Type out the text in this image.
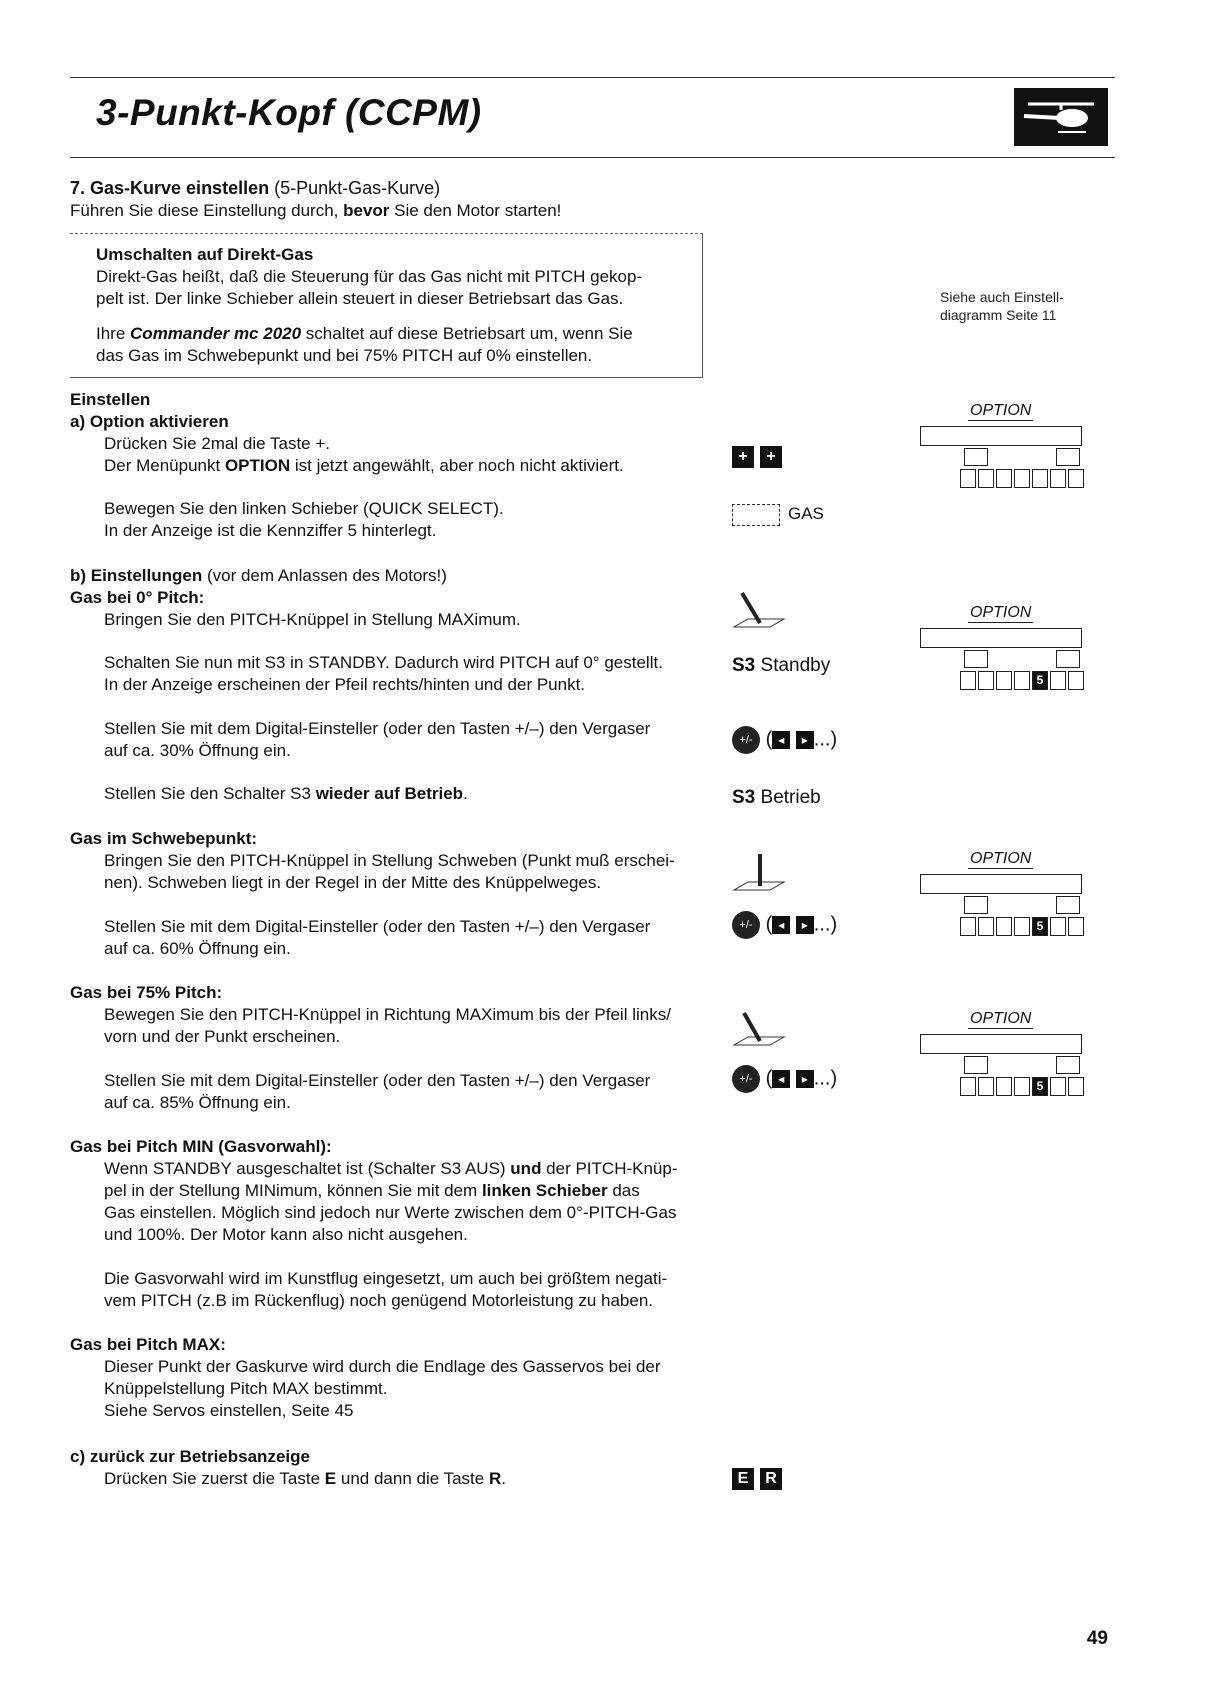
3-Punkt-Kopf (CCPM)
7. Gas-Kurve einstellen (5-Punkt-Gas-Kurve)
Führen Sie diese Einstellung durch, bevor Sie den Motor starten!
Umschalten auf Direkt-Gas
Direkt-Gas heißt, daß die Steuerung für das Gas nicht mit PITCH gekop-
pelt ist. Der linke Schieber allein steuert in dieser Betriebsart das Gas.
Ihre Commander mc 2020 schaltet auf diese Betriebsart um, wenn Sie
das Gas im Schwebepunkt und bei 75% PITCH auf 0% einstellen.
Siehe auch Einstell-
diagramm Seite 11
Einstellen
a) Option aktivieren
Drücken Sie 2mal die Taste +.
Der Menüpunkt OPTION ist jetzt angewählt, aber noch nicht aktiviert.
Bewegen Sie den linken Schieber (QUICK SELECT).
In der Anzeige ist die Kennziffer 5 hinterlegt.
b) Einstellungen (vor dem Anlassen des Motors!)
Gas bei 0° Pitch:
Bringen Sie den PITCH-Knüppel in Stellung MAXimum.
Schalten Sie nun mit S3 in STANDBY. Dadurch wird PITCH auf 0° gestellt.
In der Anzeige erscheinen der Pfeil rechts/hinten und der Punkt.
Stellen Sie mit dem Digital-Einsteller (oder den Tasten +/–) den Vergaser
auf ca. 30% Öffnung ein.
Stellen Sie den Schalter S3 wieder auf Betrieb.
Gas im Schwebepunkt:
Bringen Sie den PITCH-Knüppel in Stellung Schweben (Punkt muß erschei-
nen). Schweben liegt in der Regel in der Mitte des Knüppelweges.
Stellen Sie mit dem Digital-Einsteller (oder den Tasten +/–) den Vergaser
auf ca. 60% Öffnung ein.
Gas bei 75% Pitch:
Bewegen Sie den PITCH-Knüppel in Richtung MAXimum bis der Pfeil links/
vorn und der Punkt erscheinen.
Stellen Sie mit dem Digital-Einsteller (oder den Tasten +/–) den Vergaser
auf ca. 85% Öffnung ein.
Gas bei Pitch MIN (Gasvorwahl):
Wenn STANDBY ausgeschaltet ist (Schalter S3 AUS) und der PITCH-Knüp-
pel in der Stellung MINimum, können Sie mit dem linken Schieber das
Gas einstellen. Möglich sind jedoch nur Werte zwischen dem 0°-PITCH-Gas
und 100%. Der Motor kann also nicht ausgehen.
Die Gasvorwahl wird im Kunstflug eingesetzt, um auch bei größtem negati-
vem PITCH (z.B im Rückenflug) noch genügend Motorleistung zu haben.
Gas bei Pitch MAX:
Dieser Punkt der Gaskurve wird durch die Endlage des Gasservos bei der
Knüppelstellung Pitch MAX bestimmt.
Siehe Servos einstellen, Seite 45
c) zurück zur Betriebsanzeige
Drücken Sie zuerst die Taste E und dann die Taste R.
+ +
GAS
S3 Standby
+/- ( ◂ ▸ ...)
S3 Betrieb
+/- ( ◂ ▸ ...)
+/- ( ◂ ▸ ...)
E R
OPTION
OPTION
5
OPTION
5
OPTION
5
49
